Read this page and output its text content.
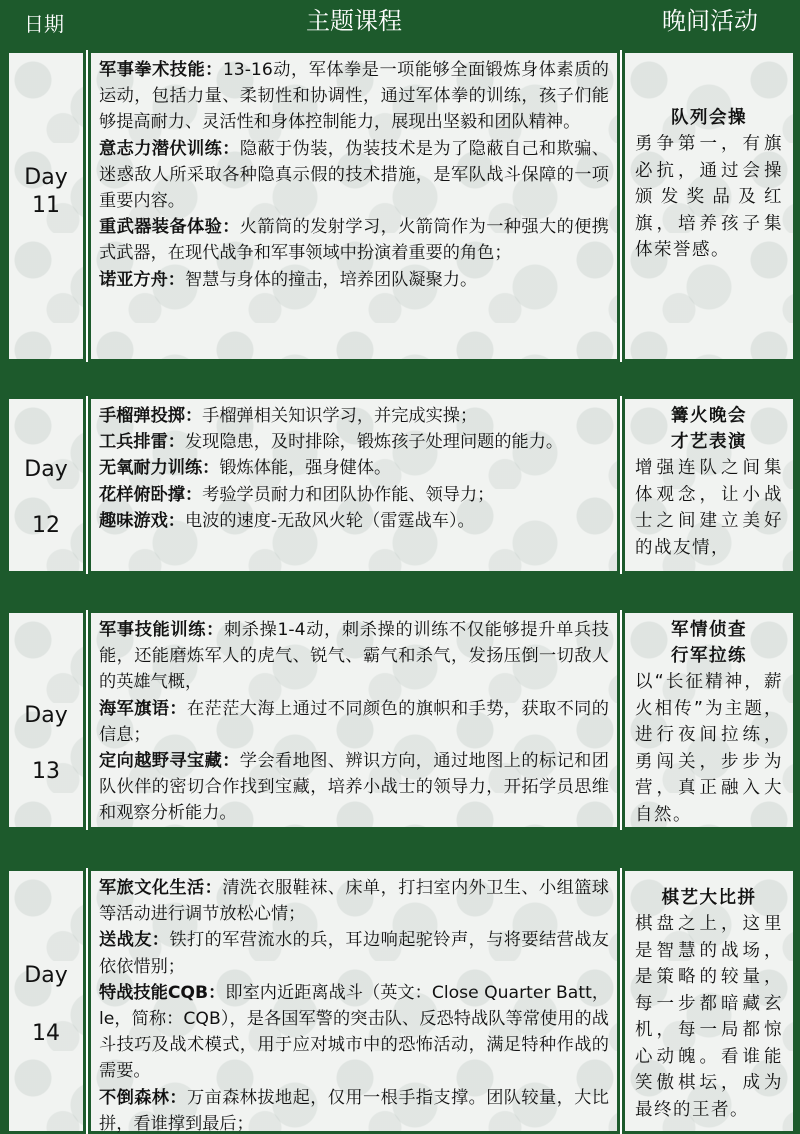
日期	主题课程	晚间活动
Day
11
军事拳术技能：13-16动，军体拳是一项能够全面锻炼身体素质的运动，包括力量、柔韧性和协调性，通过军体拳的训练，孩子们能够提高耐力、灵活性和身体控制能力，展现出坚毅和团队精神。
意志力潜伏训练：隐蔽于伪装，伪装技术是为了隐蔽自己和欺骗、迷惑敌人所采取各种隐真示假的技术措施，是军队战斗保障的一项重要内容。
重武器装备体验：火箭筒的发射学习，火箭筒作为一种强大的便携式武器，在现代战争和军事领域中扮演着重要的角色；
诺亚方舟：智慧与身体的撞击，培养团队凝聚力。
队列会操
勇争第一，有旗必抗，通过会操颁发奖品及红旗，培养孩子集体荣誉感。
Day
12
手榴弹投掷：手榴弹相关知识学习，并完成实操；
工兵排雷：发现隐患，及时排除，锻炼孩子处理问题的能力。
无氧耐力训练：锻炼体能，强身健体。
花样俯卧撑：考验学员耐力和团队协作能、领导力；
趣味游戏：电波的速度-无敌风火轮（雷霆战车）。
篝火晚会
才艺表演
增强连队之间集体观念，让小战士之间建立美好的战友情，
Day
13
军事技能训练：刺杀操1-4动，刺杀操的训练不仅能够提升单兵技能，还能磨炼军人的虎气、锐气、霸气和杀气，发扬压倒一切敌人的英雄气概，
海军旗语：在茫茫大海上通过不同颜色的旗帜和手势，获取不同的信息；
定向越野寻宝藏：学会看地图、辨识方向，通过地图上的标记和团队伙伴的密切合作找到宝藏，培养小战士的领导力，开拓学员思维和观察分析能力。
军情侦查
行军拉练
以“长征精神，薪火相传”为主题，进行夜间拉练，勇闯关，步步为营，真正融入大自然。
Day
14
军旅文化生活：清洗衣服鞋袜、床单，打扫室内外卫生、小组篮球等活动进行调节放松心情；
送战友：铁打的军营流水的兵，耳边响起驼铃声，与将要结营战友依依惜别；
特战技能CQB：即室内近距离战斗（英文：Close Quarter Batt，le，简称：CQB），是各国军警的突击队、反恐特战队等常使用的战斗技巧及战术模式，用于应对城市中的恐怖活动，满足特种作战的需要。
不倒森林：万亩森林拔地起，仅用一根手指支撑。团队较量，大比拼，看谁撑到最后；
棋艺大比拼
棋盘之上，这里是智慧的战场，是策略的较量，每一步都暗藏玄机，每一局都惊心动魄。看谁能笑傲棋坛，成为最终的王者。
